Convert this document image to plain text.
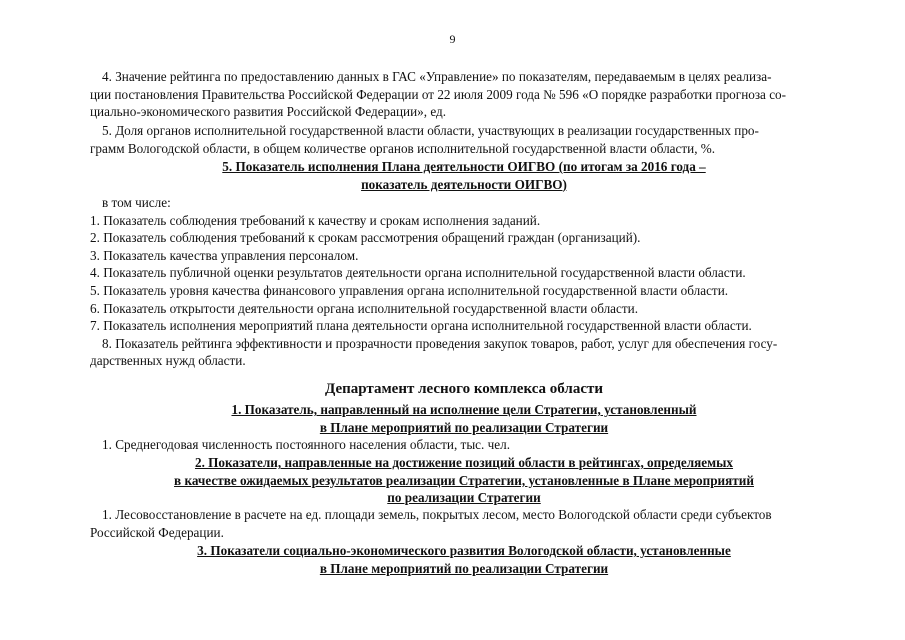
9
4. Значение рейтинга по предоставлению данных в ГАС «Управление» по показателям, передаваемым в целях реализа-
ции постановления Правительства Российской Федерации от 22 июля 2009 года № 596 «О порядке разработки прогноза со-
циально-экономического развития Российской Федерации», ед.
5. Доля органов исполнительной государственной власти области, участвующих в реализации государственных про-
грамм Вологодской области, в общем количестве органов исполнительной государственной власти области, %.
5. Показатель исполнения Плана деятельности ОИГВО (по итогам за 2016 года –
показатель деятельности ОИГВО)
в том числе:
1. Показатель соблюдения требований к качеству и срокам исполнения заданий.
2. Показатель соблюдения требований к срокам рассмотрения обращений граждан (организаций).
3. Показатель качества управления персоналом.
4. Показатель публичной оценки результатов деятельности органа исполнительной государственной власти области.
5. Показатель уровня качества финансового управления органа исполнительной государственной власти области.
6. Показатель открытости деятельности органа исполнительной государственной власти области.
7. Показатель исполнения мероприятий плана деятельности органа исполнительной государственной власти области.
8. Показатель рейтинга эффективности и прозрачности проведения закупок товаров, работ, услуг для обеспечения госу-
дарственных нужд области.
Департамент лесного комплекса области
1. Показатель, направленный на исполнение цели Стратегии, установленный
в Плане мероприятий по реализации Стратегии
1. Среднегодовая численность постоянного населения области, тыс. чел.
2. Показатели, направленные на достижение позиций области в рейтингах, определяемых
в качестве ожидаемых результатов реализации Стратегии, установленные в Плане мероприятий
по реализации Стратегии
1. Лесовосстановление в расчете на ед. площади земель, покрытых лесом, место Вологодской области среди субъектов
Российской Федерации.
3. Показатели социально-экономического развития Вологодской области, установленные
в Плане мероприятий по реализации Стратегии
